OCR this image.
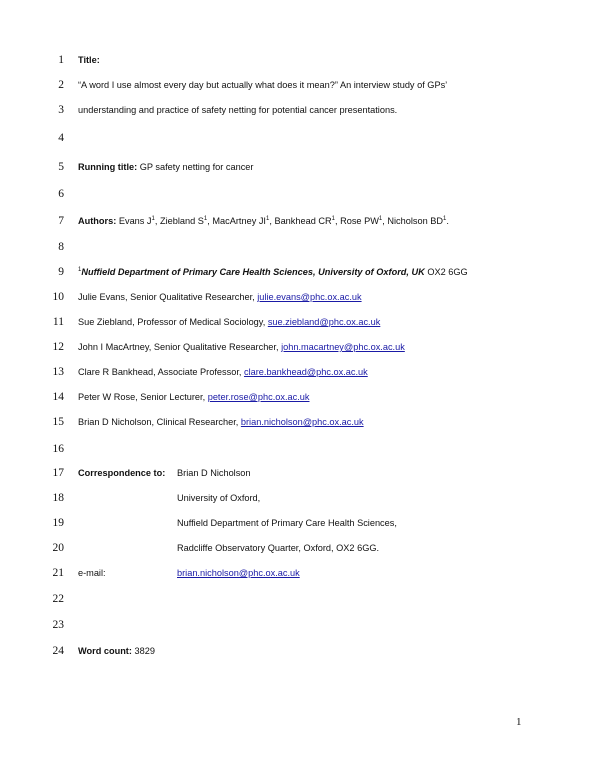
1
2
3
4
5
6
7
8
9
10
11
12
13
14
15
16
17
18
19
20
21
22
23
24
Title:
“A word I use almost every day but actually what does it mean?” An interview study of GPs’
understanding and practice of safety netting for potential cancer presentations.
Running title: GP safety netting for cancer
Authors: Evans $J^1$, Ziebland $S^1$, MacArtney $JI^1$, Bankhead $CR^1$, Rose $PW^1$, Nicholson $BD^1$.
$^1$Nuffield Department of Primary Care Health Sciences, University of Oxford, UK OX2 6GG
Julie Evans, Senior Qualitative Researcher, julie.evans@phc.ox.ac.uk
Sue Ziebland, Professor of Medical Sociology, sue.ziebland@phc.ox.ac.uk
John I MacArtney, Senior Qualitative Researcher, john.macartney@phc.ox.ac.uk
Clare R Bankhead, Associate Professor, clare.bankhead@phc.ox.ac.uk
Peter W Rose, Senior Lecturer, peter.rose@phc.ox.ac.uk
Brian D Nicholson, Clinical Researcher, brian.nicholson@phc.ox.ac.uk
Correspondence to: Brian D Nicholson
University of Oxford,
Nuffield Department of Primary Care Health Sciences,
Radcliffe Observatory Quarter, Oxford, OX2 6GG.
e-mail:	brian.nicholson@phc.ox.ac.uk
Word count: 3829
1
